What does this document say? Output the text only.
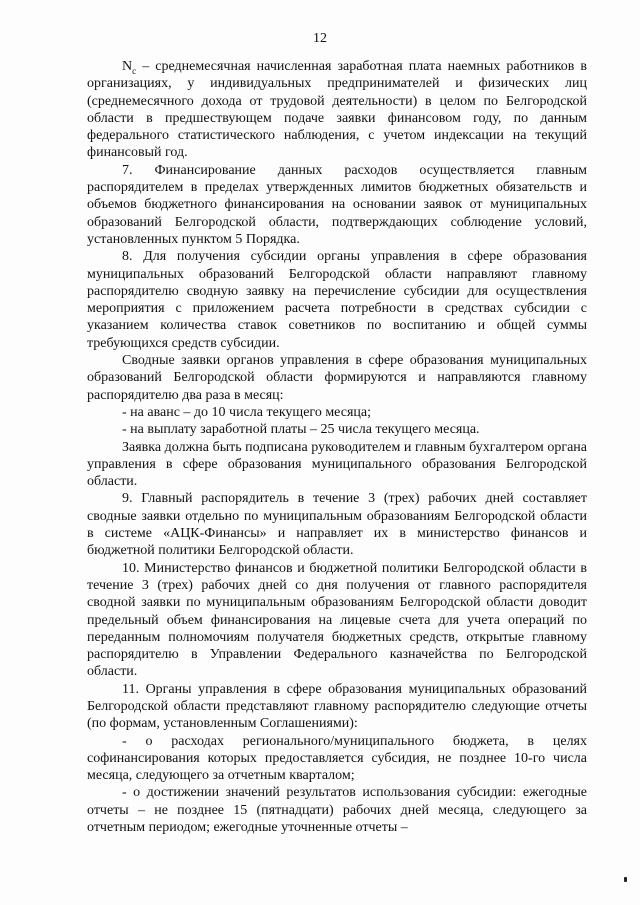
12

$N_c$ – среднемесячная начисленная заработная плата наемных работников в организациях, у индивидуальных предпринимателей и физических лиц (среднемесячного дохода от трудовой деятельности) в целом по Белгородской области в предшествующем подаче заявки финансовом году, по данным федерального статистического наблюдения, с учетом индексации на текущий финансовый год.

7. Финансирование данных расходов осуществляется главным распорядителем в пределах утвержденных лимитов бюджетных обязательств и объемов бюджетного финансирования на основании заявок от муниципальных образований Белгородской области, подтверждающих соблюдение условий, установленных пунктом 5 Порядка.

8. Для получения субсидии органы управления в сфере образования муниципальных образований Белгородской области направляют главному распорядителю сводную заявку на перечисление субсидии для осуществления мероприятия с приложением расчета потребности в средствах субсидии с указанием количества ставок советников по воспитанию и общей суммы требующихся средств субсидии.

Сводные заявки органов управления в сфере образования муниципальных образований Белгородской области формируются и направляются главному распорядителю два раза в месяц:

- на аванс – до 10 числа текущего месяца;

- на выплату заработной платы – 25 числа текущего месяца.

Заявка должна быть подписана руководителем и главным бухгалтером органа управления в сфере образования муниципального образования Белгородской области.

9. Главный распорядитель в течение 3 (трех) рабочих дней составляет сводные заявки отдельно по муниципальным образованиям Белгородской области в системе «АЦК-Финансы» и направляет их в министерство финансов и бюджетной политики Белгородской области.

10. Министерство финансов и бюджетной политики Белгородской области в течение 3 (трех) рабочих дней со дня получения от главного распорядителя сводной заявки по муниципальным образованиям Белгородской области доводит предельный объем финансирования на лицевые счета для учета операций по переданным полномочиям получателя бюджетных средств, открытые главному распорядителю в Управлении Федерального казначейства по Белгородской области.

11. Органы управления в сфере образования муниципальных образований Белгородской области представляют главному распорядителю следующие отчеты (по формам, установленным Соглашениями):

- о расходах регионального/муниципального бюджета, в целях софинансирования которых предоставляется субсидия, не позднее 10-го числа месяца, следующего за отчетным кварталом;

- о достижении значений результатов использования субсидии: ежегодные отчеты – не позднее 15 (пятнадцати) рабочих дней месяца, следующего за отчетным периодом; ежегодные уточненные отчеты –
